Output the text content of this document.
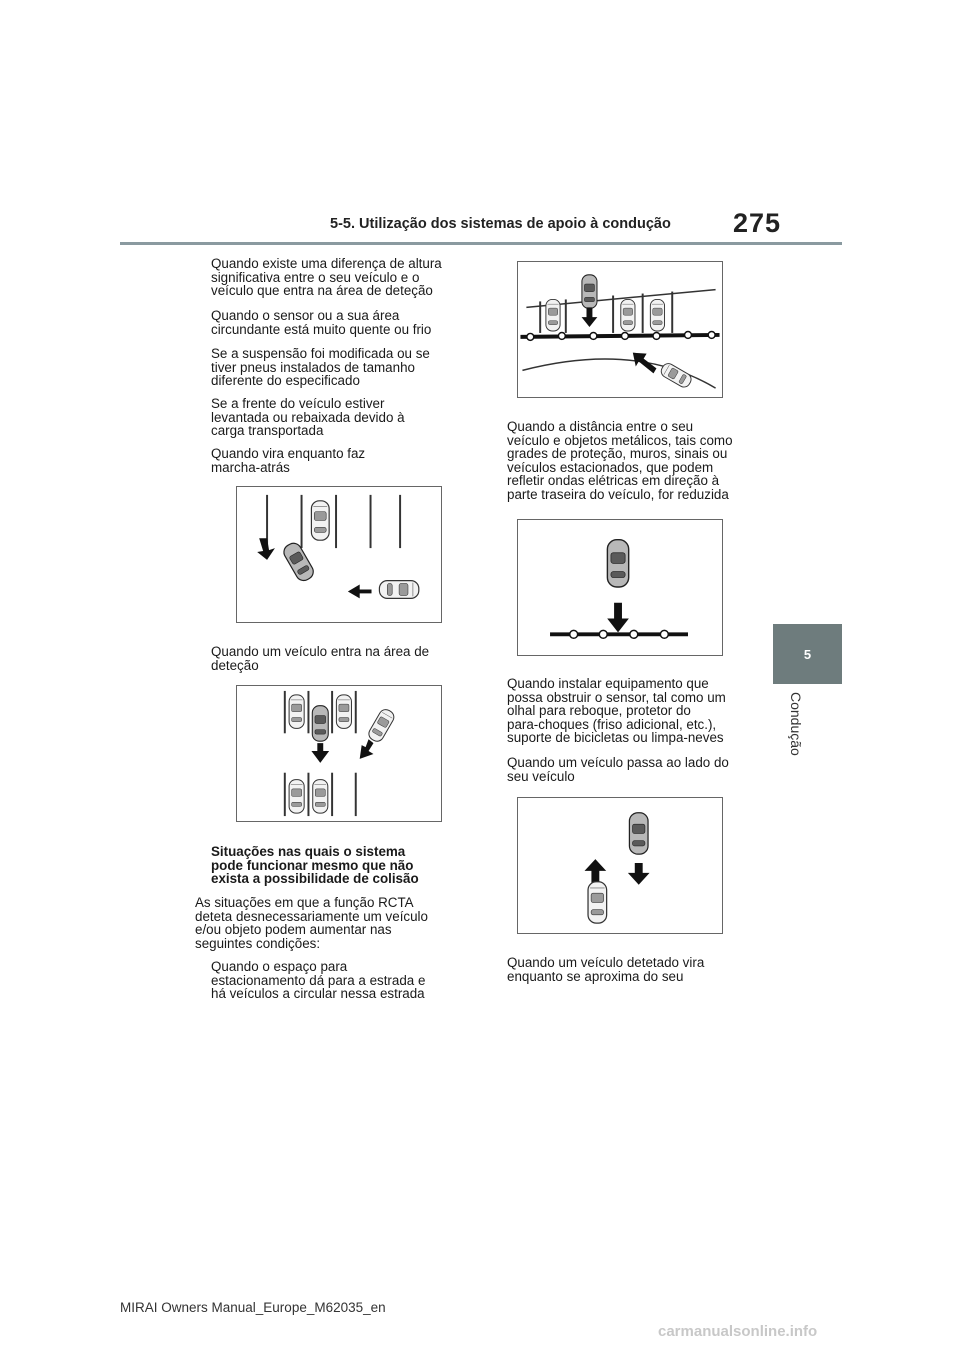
5-5. Utilização dos sistemas de apoio à condução 275
5
Condução

Quando existe uma diferença de altura

significativa entre o seu veículo e o

veículo que entra na área de deteção

Quando o sensor ou a sua área

circundante está muito quente ou frio

Se a suspensão foi modificada ou se

tiver pneus instalados de tamanho

diferente do especificado

Se a frente do veículo estiver

levantada ou rebaixada devido à

carga transportada

Quando vira enquanto faz

marcha-atrás

Quando um veículo entra na área de

deteção

Situações nas quais o sistema

pode funcionar mesmo que não

exista a possibilidade de colisão

As situações em que a função RCTA

deteta desnecessariamente um veículo

e/ou objeto podem aumentar nas

seguintes condições:

Quando o espaço para

estacionamento dá para a estrada e

há veículos a circular nessa estrada

Quando a distância entre o seu

veículo e objetos metálicos, tais como

grades de proteção, muros, sinais ou

veículos estacionados, que podem

refletir ondas elétricas em direção à

parte traseira do veículo, for reduzida

Quando instalar equipamento que

possa obstruir o sensor, tal como um

olhal para reboque, protetor do

para-choques (friso adicional, etc.),

suporte de bicicletas ou limpa-neves

Quando um veículo passa ao lado do

seu veículo

Quando um veículo detetado vira

enquanto se aproxima do seu

MIRAI Owners Manual_Europe_M62035_en
carmanualsonline.info
